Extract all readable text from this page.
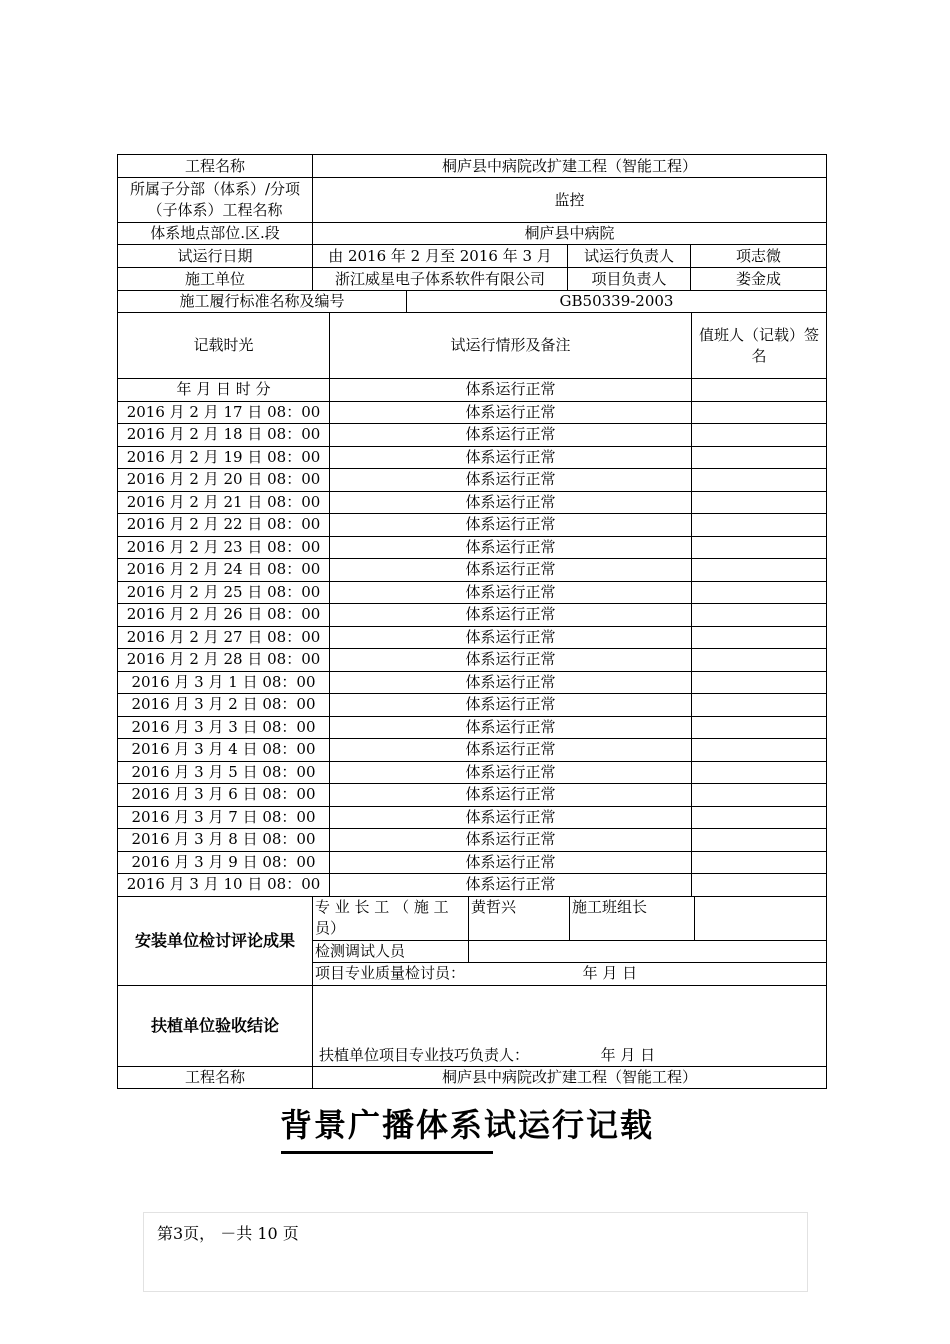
工程名称	桐庐县中病院改扩建工程（智能工程）		
所属子分部（体系）/分项（子体系）工程名称	监控		
体系地点部位.区.段	桐庐县中病院		
试运行日期	由 2016 年 2 月至 2016 年 3 月	试运行负责人	项志微
施工单位	浙江威星电子体系软件有限公司	项目负责人	娄金成
施工履行标准名称及编号	GB50339-2003
记载时光	试运行情形及备注	值班人（记载）签名
年 月 日 时 分	体系运行正常	
2016 月 2 月 17 日 08：00	体系运行正常	
2016 月 2 月 18 日 08：00	体系运行正常	
2016 月 2 月 19 日 08：00	体系运行正常	
2016 月 2 月 20 日 08：00	体系运行正常	
2016 月 2 月 21 日 08：00	体系运行正常	
2016 月 2 月 22 日 08：00	体系运行正常	
2016 月 2 月 23 日 08：00	体系运行正常	
2016 月 2 月 24 日 08：00	体系运行正常	
2016 月 2 月 25 日 08：00	体系运行正常	
2016 月 2 月 26 日 08：00	体系运行正常	
2016 月 2 月 27 日 08：00	体系运行正常	
2016 月 2 月 28 日 08：00	体系运行正常	
2016 月 3 月 1 日 08：00	体系运行正常	
2016 月 3 月 2 日 08：00	体系运行正常	
2016 月 3 月 3 日 08：00	体系运行正常	
2016 月 3 月 4 日 08：00	体系运行正常	
2016 月 3 月 5 日 08：00	体系运行正常	
2016 月 3 月 6 日 08：00	体系运行正常	
2016 月 3 月 7 日 08：00	体系运行正常	
2016 月 3 月 8 日 08：00	体系运行正常	
2016 月 3 月 9 日 08：00	体系运行正常	
2016 月 3 月 10 日 08：00	体系运行正常	
安装单位检讨评论成果	专 业 长 工 （ 施 工 员）	黄哲兴	施工班组长	
	检测调试人员			
	项目专业质量检讨员： 年 月 日			
扶植单位验收结论	扶植单位项目专业技巧负责人：	年 月 日
工程名称	桐庐县中病院改扩建工程（智能工程）
背景广播体系试运行记载
第3页， －共 10 页
